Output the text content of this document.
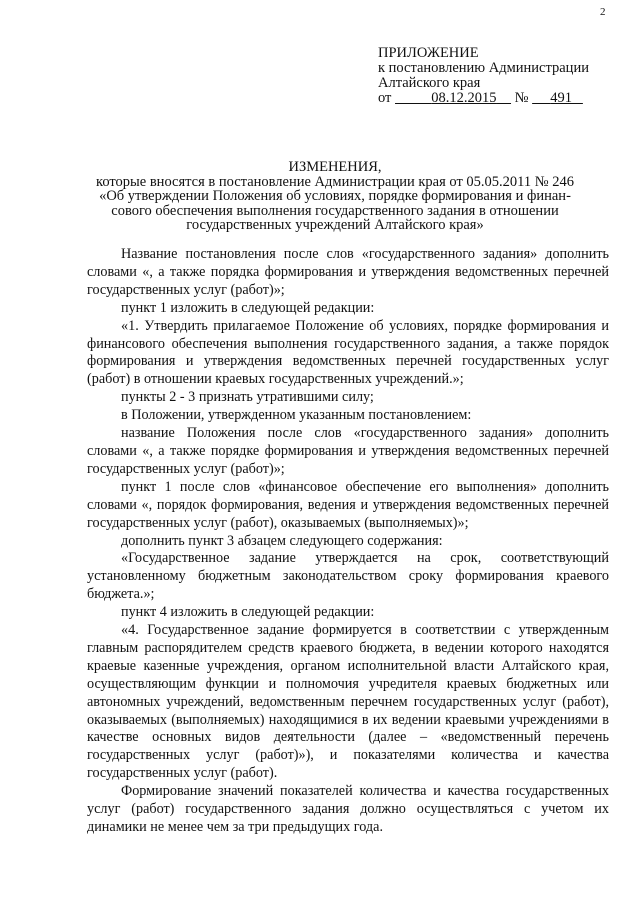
2
ПРИЛОЖЕНИЕ
к постановлению Администрации
Алтайского края
от	08.12.2015 № 491
ИЗМЕНЕНИЯ,
которые вносятся в постановление Администрации края от 05.05.2011 № 246
«Об утверждении Положения об условиях, порядке формирования и финан-
сового обеспечения выполнения государственного задания в отношении
государственных учреждений Алтайского края»

Название постановления после слов «государственного задания» дополнить словами «, а также порядка формирования и утверждения ведомственных перечней государственных услуг (работ)»;

пункт 1 изложить в следующей редакции:

«1. Утвердить прилагаемое Положение об условиях, порядке формирования и финансового обеспечения выполнения государственного задания, а также порядок формирования и утверждения ведомственных перечней государственных услуг (работ) в отношении краевых государственных учреждений.»;

пункты 2 - 3 признать утратившими силу;

в Положении, утвержденном указанным постановлением:

название Положения после слов «государственного задания» дополнить словами «, а также порядке формирования и утверждения ведомственных перечней государственных услуг (работ)»;

пункт 1 после слов «финансовое обеспечение его выполнения» дополнить словами «, порядок формирования, ведения и утверждения ведомственных перечней государственных услуг (работ), оказываемых (выполняемых)»;

дополнить пункт 3 абзацем следующего содержания:

«Государственное задание утверждается на срок, соответствующий установленному бюджетным законодательством сроку формирования краевого бюджета.»;

пункт 4 изложить в следующей редакции:

«4. Государственное задание формируется в соответствии с утвержденным главным распорядителем средств краевого бюджета, в ведении которого находятся краевые казенные учреждения, органом исполнительной власти Алтайского края, осуществляющим функции и полномочия учредителя краевых бюджетных или автономных учреждений, ведомственным перечнем государственных услуг (работ), оказываемых (выполняемых) находящимися в их ведении краевыми учреждениями в качестве основных видов деятельности (далее – «ведомственный перечень государственных услуг (работ)»), и показателями количества и качества государственных услуг (работ).

Формирование значений показателей количества и качества государственных услуг (работ) государственного задания должно осуществляться с учетом их динамики не менее чем за три предыдущих года.
